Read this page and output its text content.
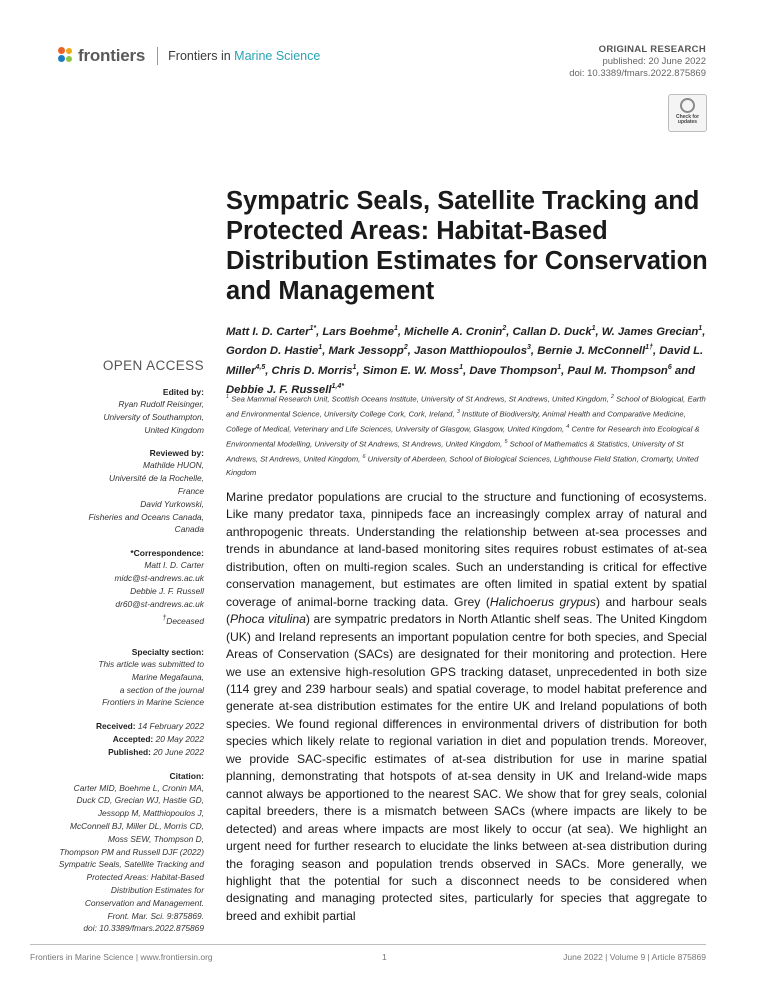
frontiers Frontiers in Marine Science	ORIGINAL RESEARCH
published: 20 June 2022
doi: 10.3389/fmars.2022.875869
Check for
updates
Sympatric Seals, Satellite Tracking and Protected Areas: Habitat-Based Distribution Estimates for Conservation and Management
Matt I. D. Carter$^{1*}$, Lars Boehme$^1$, Michelle A. Cronin$^2$, Callan D. Duck$^1$, W. James Grecian$^1$, Gordon D. Hastie$^1$, Mark Jessopp$^2$, Jason Matthiopoulos$^3$, Bernie J. McConnell$^{1\dagger}$, David L. Miller$^{4,5}$, Chris D. Morris$^1$, Simon E. W. Moss$^1$, Dave Thompson$^1$, Paul M. Thompson$^6$ and Debbie J. F. Russell$^{1,4*}$
$^1$ Sea Mammal Research Unit, Scottish Oceans Institute, University of St Andrews, St Andrews, United Kingdom, $^2$ School of Biological, Earth and Environmental Science, University College Cork, Cork, Ireland, $^3$ Institute of Biodiversity, Animal Health and Comparative Medicine, College of Medical, Veterinary and Life Sciences, University of Glasgow, Glasgow, United Kingdom, $^4$ Centre for Research into Ecological & Environmental Modelling, University of St Andrews, St Andrews, United Kingdom, $^5$ School of Mathematics & Statistics, University of St Andrews, St Andrews, United Kingdom, $^6$ University of Aberdeen, School of Biological Sciences, Lighthouse Field Station, Cromarty, United Kingdom
Marine predator populations are crucial to the structure and functioning of ecosystems. Like many predator taxa, pinnipeds face an increasingly complex array of natural and anthropogenic threats. Understanding the relationship between at-sea processes and trends in abundance at land-based monitoring sites requires robust estimates of at-sea distribution, often on multi-region scales. Such an understanding is critical for effective conservation management, but estimates are often limited in spatial extent by spatial coverage of animal-borne tracking data. Grey (Halichoerus grypus) and harbour seals (Phoca vitulina) are sympatric predators in North Atlantic shelf seas. The United Kingdom (UK) and Ireland represents an important population centre for both species, and Special Areas of Conservation (SACs) are designated for their monitoring and protection. Here we use an extensive high-resolution GPS tracking dataset, unprecedented in both size (114 grey and 239 harbour seals) and spatial coverage, to model habitat preference and generate at-sea distribution estimates for the entire UK and Ireland populations of both species. We found regional differences in environmental drivers of distribution for both species which likely relate to regional variation in diet and population trends. Moreover, we provide SAC-specific estimates of at-sea distribution for use in marine spatial planning, demonstrating that hotspots of at-sea density in UK and Ireland-wide maps cannot always be apportioned to the nearest SAC. We show that for grey seals, colonial capital breeders, there is a mismatch between SACs (where impacts are likely to be detected) and areas where impacts are most likely to occur (at sea). We highlight an urgent need for further research to elucidate the links between at-sea distribution during the foraging season and population trends observed in SACs. More generally, we highlight that the potential for such a disconnect needs to be considered when designating and managing protected sites, particularly for species that aggregate to breed and exhibit partial
OPEN ACCESS
Edited by:
Ryan Rudolf Reisinger,
University of Southampton,
United Kingdom
Reviewed by:
Mathilde HUON,
Université de la Rochelle,
France
David Yurkowski,
Fisheries and Oceans Canada,
Canada
*Correspondence:
Matt I. D. Carter
midc@st-andrews.ac.uk
Debbie J. F. Russell
dr60@st-andrews.ac.uk
†Deceased
Specialty section:
This article was submitted to
Marine Megafauna,
a section of the journal
Frontiers in Marine Science
Received: 14 February 2022
Accepted: 20 May 2022
Published: 20 June 2022
Citation:
Carter MID, Boehme L, Cronin MA,
Duck CD, Grecian WJ, Hastie GD,
Jessopp M, Matthiopoulos J,
McConnell BJ, Miller DL, Morris CD,
Moss SEW, Thompson D,
Thompson PM and Russell DJF (2022)
Sympatric Seals, Satellite Tracking and
Protected Areas: Habitat-Based
Distribution Estimates for
Conservation and Management.
Front. Mar. Sci. 9:875869.
doi: 10.3389/fmars.2022.875869
Frontiers in Marine Science | www.frontiersin.org	1	June 2022 | Volume 9 | Article 875869
